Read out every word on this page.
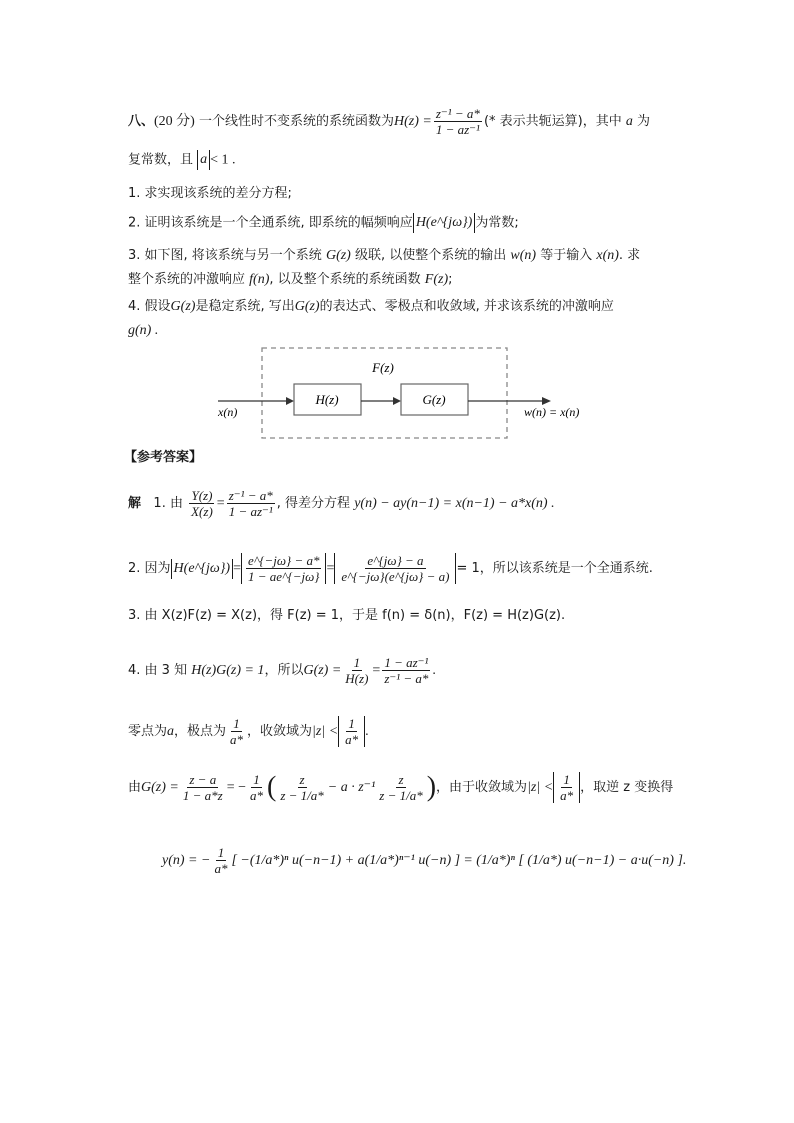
八、(20 分) 一个线性时不变系统的系统函数为$H(z) = \frac{\text{z⁻¹ − a*}}{\text{1 − az⁻¹}}$ (* 表示共轭运算)，其中 a 为
复常数，且 a < 1 .
1. 求实现该系统的差分方程;
2. 证明该系统是一个全通系统, 即系统的幅频响应 H(e^{jω}) 为常数;
3. 如下图, 将该系统与另一个系统 G(z) 级联, 以使整个系统的输出 w(n) 等于输入 x(n). 求
整个系统的冲激响应 f(n), 以及整个系统的系统函数 F(z);
4. 假设G(z)是稳定系统, 写出G(z)的表达式、零极点和收敛域, 并求该系统的冲激响应
g(n) .
F(z)
H(z)	G(z)
x(n)	w(n) = x(n)
【参考答案】
解 1. 由 $\frac{Y(z)}{X(z)} = \frac{\text{z⁻¹ − a*}}{\text{1 − az⁻¹}}$ , 得差分方程 y(n) − ay(n−1) = x(n−1) − a*x(n) .
2. 因为 H(e^{jω}) = $\frac{e\^{}\{-j\omega\} - a*}{1 - ae\^{}\{-j\omega\}} = \frac{e\^{}\{j\omega\} - a}{e\^{}\{-j\omega\}(e\^{}\{j\omega\} - a)} = 1$，所以该系统是一个全通系统.
3. 由 X(z)F(z) = X(z)，得 F(z) = 1，于是 f(n) = δ(n)，F(z) = H(z)G(z).
4. 由 3 知 H(z)G(z) = 1，所以$G(z) = \frac{1}{H(z)} = \frac{\text{1 − az⁻¹}}{\text{z⁻¹ − a*}}$ .
零点为a，极点为 $\frac{1}{a*}$ ，收敛域为$|z| < \frac{1}{a*}$ .
由$G(z) = \frac{z - a}{1 - a*z}$ = − $\frac{1}{a*}$ ( $\frac{z}{z - 1/a*} - a \cdot z^{-1} \frac{z}{z - 1/a*}$ )，由于收敛域为$|z| < \frac{1}{a*}$ ，取逆 z 变换得
y(n) = − $\frac{1}{a*}$ [ −(1/a*)ⁿ u(−n−1) + a(1/a*)ⁿ⁻¹ u(−n) ] = (1/a*)ⁿ [ (1/a*) u(−n−1) − a·u(−n) ].
